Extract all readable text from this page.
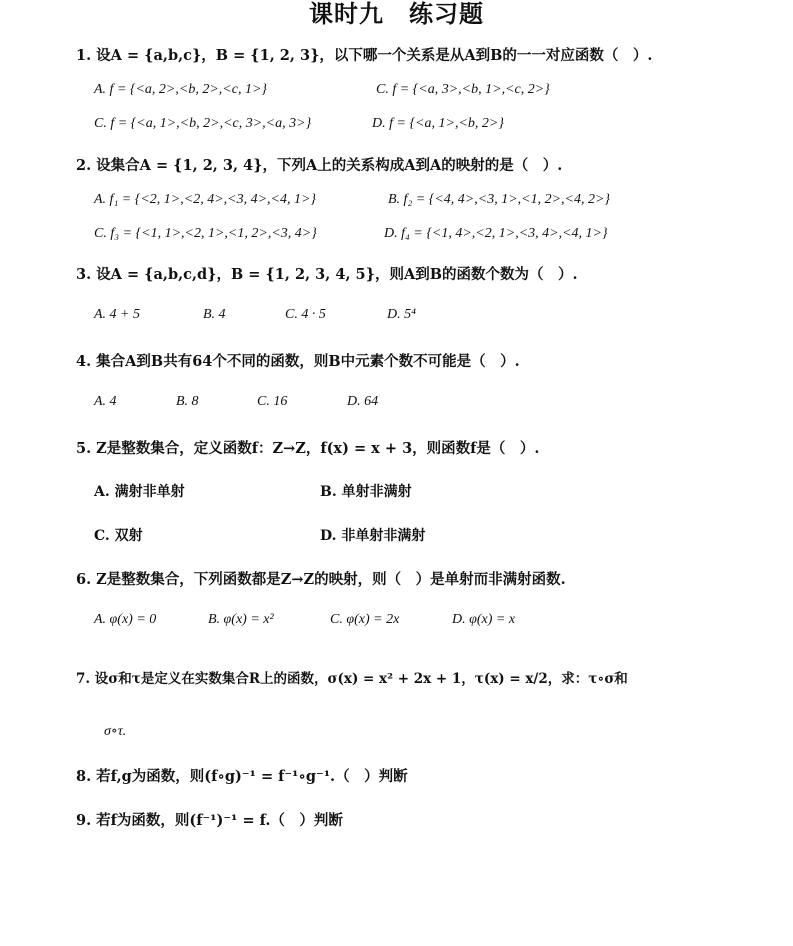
课时九　练习题
1. 设A = {a,b,c}，B = {1, 2, 3}，以下哪一个关系是从A到B的一一对应函数（　）.
A. f = {<a, 2>,<b, 2>,<c, 1>}	C. f = {<a, 3>,<b, 1>,<c, 2>}
C. f = {<a, 1>,<b, 2>,<c, 3>,<a, 3>}	D. f = {<a, 1>,<b, 2>}
2. 设集合A = {1, 2, 3, 4}，下列A上的关系构成A到A的映射的是（　）.
A. f₁ = {<2, 1>,<2, 4>,<3, 4>,<4, 1>}	B. f₂ = {<4, 4>,<3, 1>,<1, 2>,<4, 2>}
C. f₃ = {<1, 1>,<2, 1>,<1, 2>,<3, 4>}	D. f₄ = {<1, 4>,<2, 1>,<3, 4>,<4, 1>}
3. 设A = {a,b,c,d}，B = {1, 2, 3, 4, 5}，则A到B的函数个数为（　）.
A. 4 + 5	B. 4	C. 4 · 5	D. 5⁴
4. 集合A到B共有64个不同的函数，则B中元素个数不可能是（　）.
A. 4	B. 8	C. 16	D. 64
5. Z是整数集合，定义函数f：Z→Z，f(x) = x + 3，则函数f是（　）.
A. 满射非单射	B. 单射非满射
C. 双射	D. 非单射非满射
6. Z是整数集合，下列函数都是Z→Z的映射，则（　）是单射而非满射函数.
A. φ(x) = 0	B. φ(x) = x²	C. φ(x) = 2x	D. φ(x) = x
7. 设σ和τ是定义在实数集合R上的函数，σ(x) = x² + 2x + 1，τ(x) = x/2，求：τ∘σ和
σ∘τ.
8. 若f,g为函数，则(f∘g)⁻¹ = f⁻¹∘g⁻¹.（　）判断
9. 若f为函数，则(f⁻¹)⁻¹ = f.（　）判断
